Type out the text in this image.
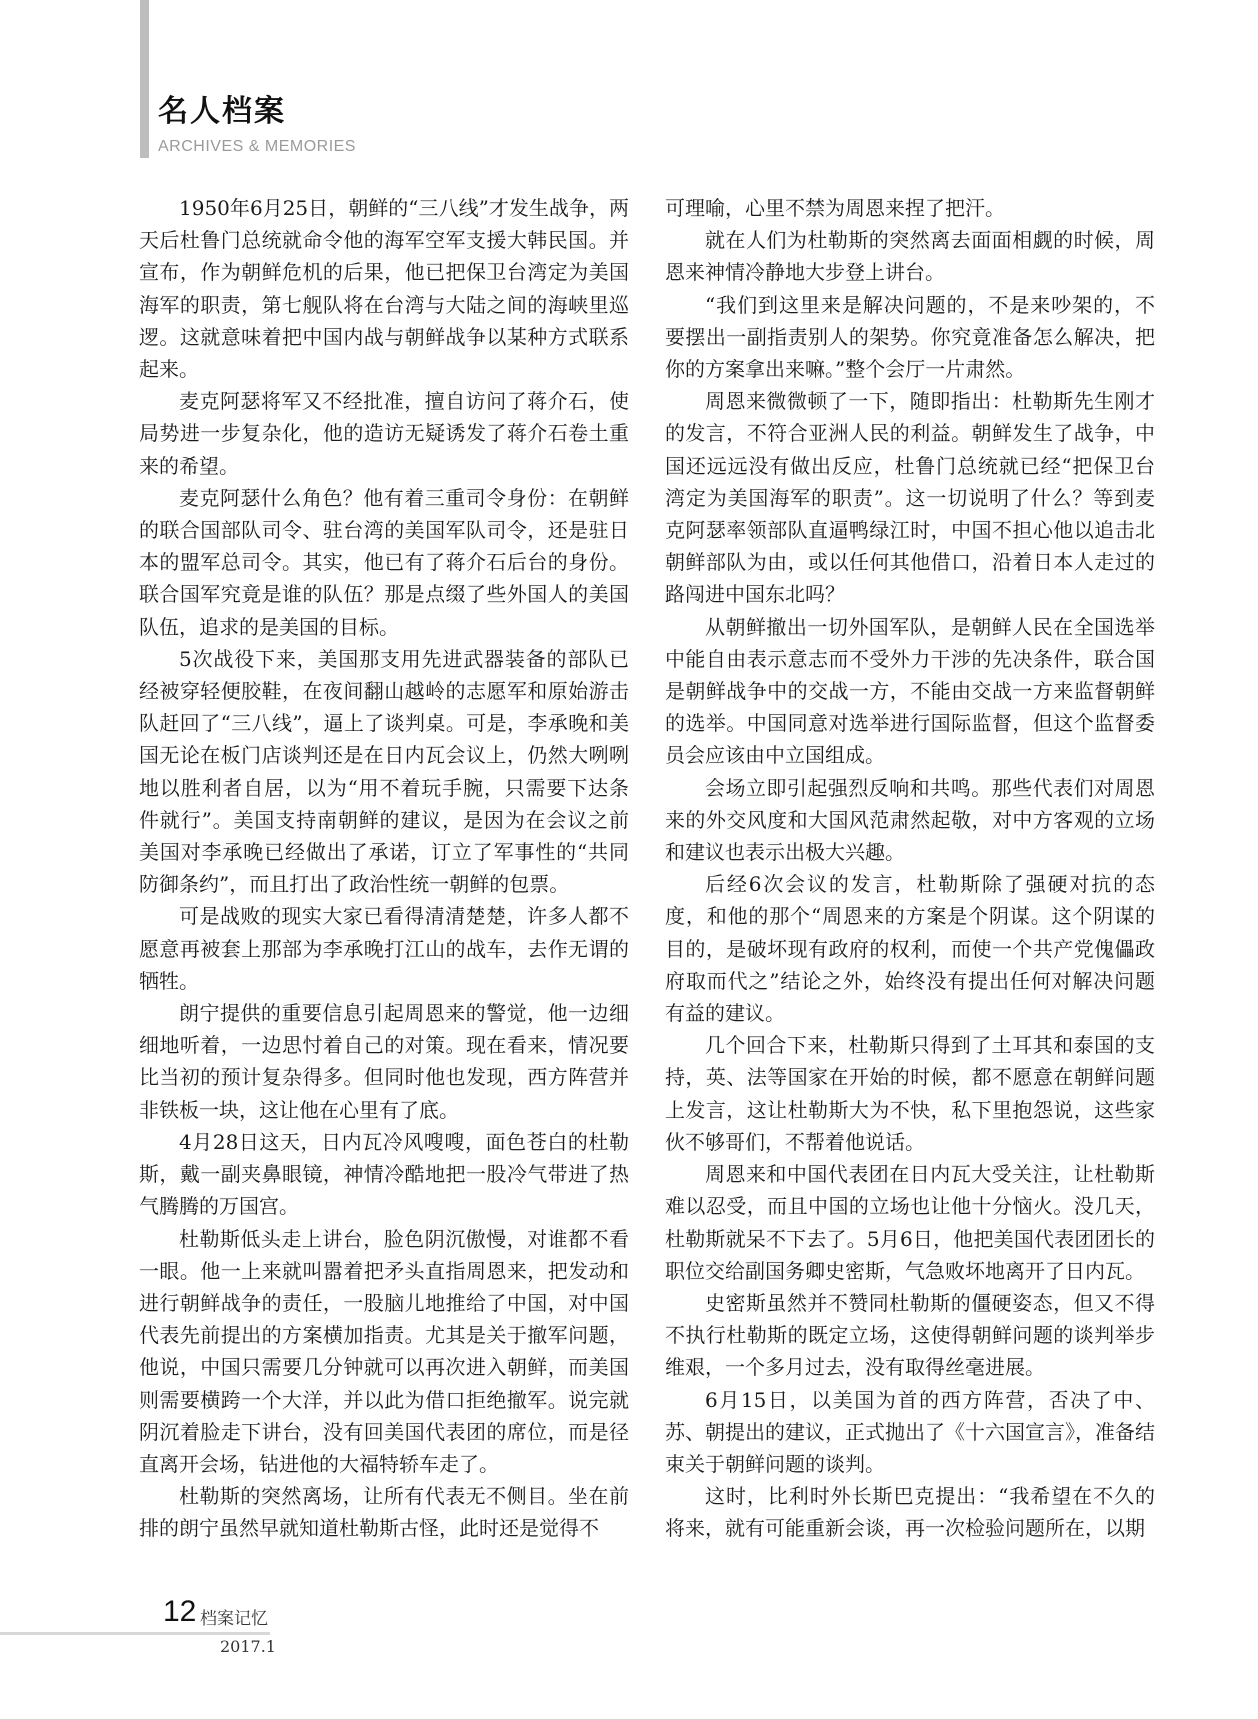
名人档案
ARCHIVES & MEMORIES

1950年6月25日，朝鲜的“三八线”才发生战争，两天后杜鲁门总统就命令他的海军空军支援大韩民国。并宣布，作为朝鲜危机的后果，他已把保卫台湾定为美国海军的职责，第七舰队将在台湾与大陆之间的海峡里巡逻。这就意味着把中国内战与朝鲜战争以某种方式联系起来。

麦克阿瑟将军又不经批准，擅自访问了蒋介石，使局势进一步复杂化，他的造访无疑诱发了蒋介石卷土重来的希望。

麦克阿瑟什么角色？他有着三重司令身份：在朝鲜的联合国部队司令、驻台湾的美国军队司令，还是驻日本的盟军总司令。其实，他已有了蒋介石后台的身份。联合国军究竟是谁的队伍？那是点缀了些外国人的美国队伍，追求的是美国的目标。

5次战役下来，美国那支用先进武器装备的部队已经被穿轻便胶鞋，在夜间翻山越岭的志愿军和原始游击队赶回了“三八线”，逼上了谈判桌。可是，李承晚和美国无论在板门店谈判还是在日内瓦会议上，仍然大咧咧地以胜利者自居，以为“用不着玩手腕，只需要下达条件就行”。美国支持南朝鲜的建议，是因为在会议之前美国对李承晚已经做出了承诺，订立了军事性的“共同防御条约”，而且打出了政治性统一朝鲜的包票。

可是战败的现实大家已看得清清楚楚，许多人都不愿意再被套上那部为李承晚打江山的战车，去作无谓的牺牲。

朗宁提供的重要信息引起周恩来的警觉，他一边细细地听着，一边思忖着自己的对策。现在看来，情况要比当初的预计复杂得多。但同时他也发现，西方阵营并非铁板一块，这让他在心里有了底。

4月28日这天，日内瓦冷风嗖嗖，面色苍白的杜勒斯，戴一副夹鼻眼镜，神情冷酷地把一股冷气带进了热气腾腾的万国宫。

杜勒斯低头走上讲台，脸色阴沉傲慢，对谁都不看一眼。他一上来就叫嚣着把矛头直指周恩来，把发动和进行朝鲜战争的责任，一股脑儿地推给了中国，对中国代表先前提出的方案横加指责。尤其是关于撤军问题，他说，中国只需要几分钟就可以再次进入朝鲜，而美国则需要横跨一个大洋，并以此为借口拒绝撤军。说完就阴沉着脸走下讲台，没有回美国代表团的席位，而是径直离开会场，钻进他的大福特轿车走了。

杜勒斯的突然离场，让所有代表无不侧目。坐在前排的朗宁虽然早就知道杜勒斯古怪，此时还是觉得不

可理喻，心里不禁为周恩来捏了把汗。

就在人们为杜勒斯的突然离去面面相觑的时候，周恩来神情冷静地大步登上讲台。

“我们到这里来是解决问题的，不是来吵架的，不要摆出一副指责别人的架势。你究竟准备怎么解决，把你的方案拿出来嘛。”整个会厅一片肃然。

周恩来微微顿了一下，随即指出：杜勒斯先生刚才的发言，不符合亚洲人民的利益。朝鲜发生了战争，中国还远远没有做出反应，杜鲁门总统就已经“把保卫台湾定为美国海军的职责”。这一切说明了什么？等到麦克阿瑟率领部队直逼鸭绿江时，中国不担心他以追击北朝鲜部队为由，或以任何其他借口，沿着日本人走过的路闯进中国东北吗？

从朝鲜撤出一切外国军队，是朝鲜人民在全国选举中能自由表示意志而不受外力干涉的先决条件，联合国是朝鲜战争中的交战一方，不能由交战一方来监督朝鲜的选举。中国同意对选举进行国际监督，但这个监督委员会应该由中立国组成。

会场立即引起强烈反响和共鸣。那些代表们对周恩来的外交风度和大国风范肃然起敬，对中方客观的立场和建议也表示出极大兴趣。

后经6次会议的发言，杜勒斯除了强硬对抗的态度，和他的那个“周恩来的方案是个阴谋。这个阴谋的目的，是破坏现有政府的权利，而使一个共产党傀儡政府取而代之”结论之外，始终没有提出任何对解决问题有益的建议。

几个回合下来，杜勒斯只得到了土耳其和泰国的支持，英、法等国家在开始的时候，都不愿意在朝鲜问题上发言，这让杜勒斯大为不快，私下里抱怨说，这些家伙不够哥们，不帮着他说话。

周恩来和中国代表团在日内瓦大受关注，让杜勒斯难以忍受，而且中国的立场也让他十分恼火。没几天，杜勒斯就呆不下去了。5月6日，他把美国代表团团长的职位交给副国务卿史密斯，气急败坏地离开了日内瓦。

史密斯虽然并不赞同杜勒斯的僵硬姿态，但又不得不执行杜勒斯的既定立场，这使得朝鲜问题的谈判举步维艰，一个多月过去，没有取得丝毫进展。

6月15日，以美国为首的西方阵营，否决了中、苏、朝提出的建议，正式抛出了《十六国宣言》，准备结束关于朝鲜问题的谈判。

这时，比利时外长斯巴克提出：“我希望在不久的将来，就有可能重新会谈，再一次检验问题所在，以期

12 档案记忆
2017.1
